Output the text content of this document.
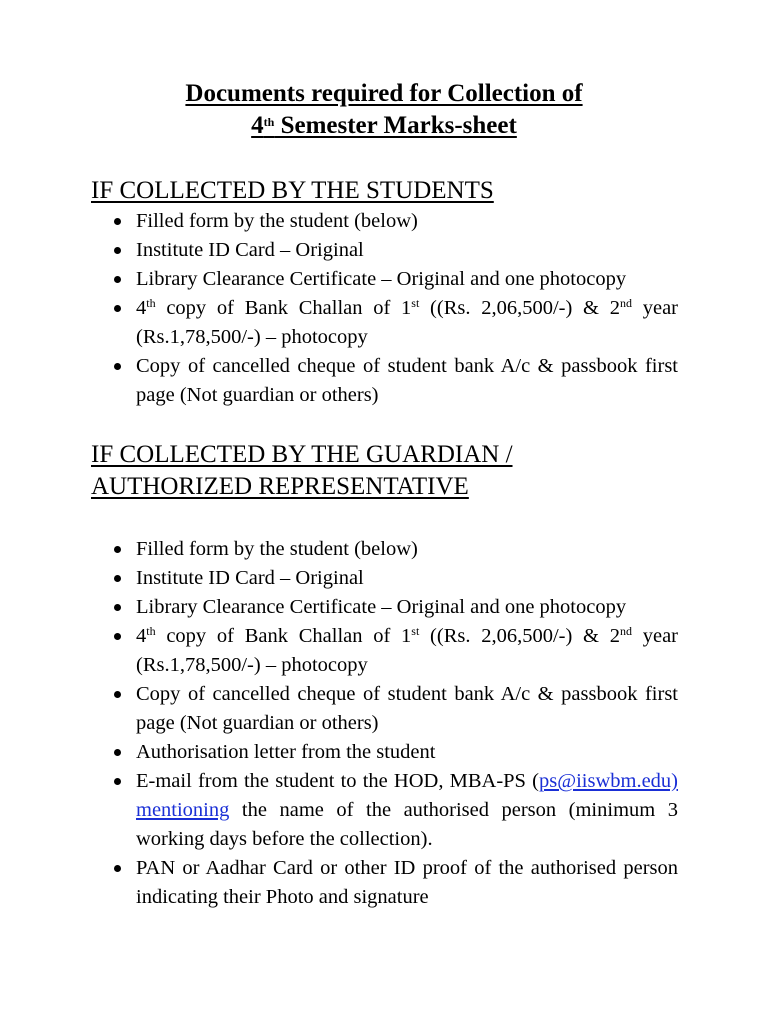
Documents required for Collection of
4th Semester Marks-sheet
IF COLLECTED BY THE STUDENTS
Filled form by the student (below)
Institute ID Card – Original
Library Clearance Certificate – Original and one photocopy
4th copy of Bank Challan of 1st ((Rs. 2,06,500/-) & 2nd year (Rs.1,78,500/-) – photocopy
Copy of cancelled cheque of student bank A/c & passbook first page (Not guardian or others)
IF COLLECTED BY THE GUARDIAN /
AUTHORIZED REPRESENTATIVE
Filled form by the student (below)
Institute ID Card – Original
Library Clearance Certificate – Original and one photocopy
4th copy of Bank Challan of 1st ((Rs. 2,06,500/-) & 2nd year (Rs.1,78,500/-) – photocopy
Copy of cancelled cheque of student bank A/c & passbook first page (Not guardian or others)
Authorisation letter from the student
E-mail from the student to the HOD, MBA-PS (ps@iiswbm.edu) mentioning the name of the authorised person (minimum 3 working days before the collection).
PAN or Aadhar Card or other ID proof of the authorised person indicating their Photo and signature
